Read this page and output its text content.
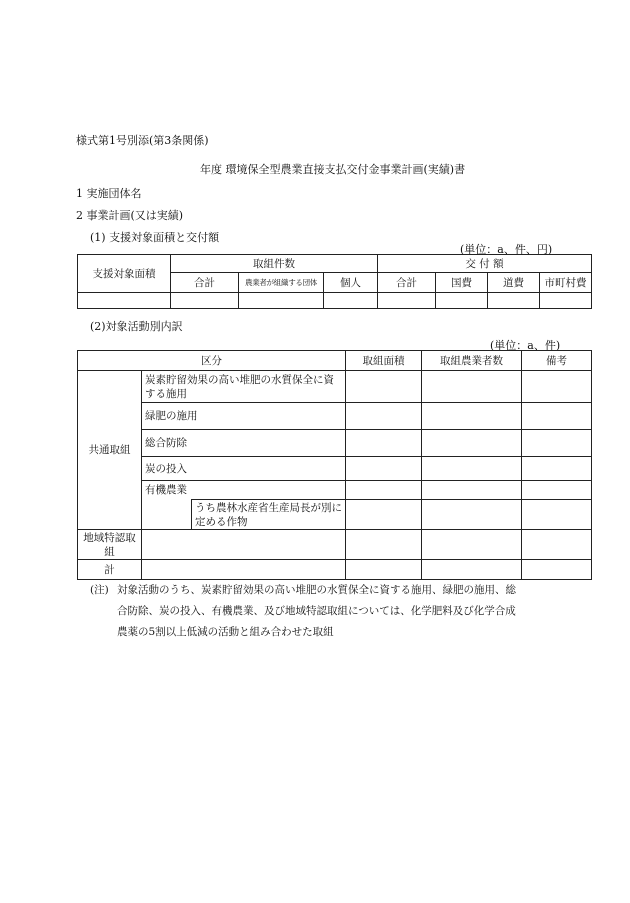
様式第1号別添(第3条関係)
年度 環境保全型農業直接支払交付金事業計画(実績)書
1 実施団体名
2 事業計画(又は実績)
(1) 支援対象面積と交付額
(単位：a、件、円)
支援対象面積	取組件数			交 付 額			
	合計	農業者が組織する団体	個人	合計	国費	道費	市町村費

(2)対象活動別内訳
(単位：a、件)
区分			取組面積	取組農業者数	備考
共通取組	炭素貯留効果の高い堆肥の水質保全に資する施用				
	緑肥の施用				
	総合防除				
	炭の投入				
	有機農業				
		うち農林水産省生産局長が別に定める作物			
地域特認取組					
計					
(注) 対象活動のうち、炭素貯留効果の高い堆肥の水質保全に資する施用、緑肥の施用、総
合防除、炭の投入、有機農業、及び地域特認取組については、化学肥料及び化学合成
農薬の5割以上低減の活動と組み合わせた取組
